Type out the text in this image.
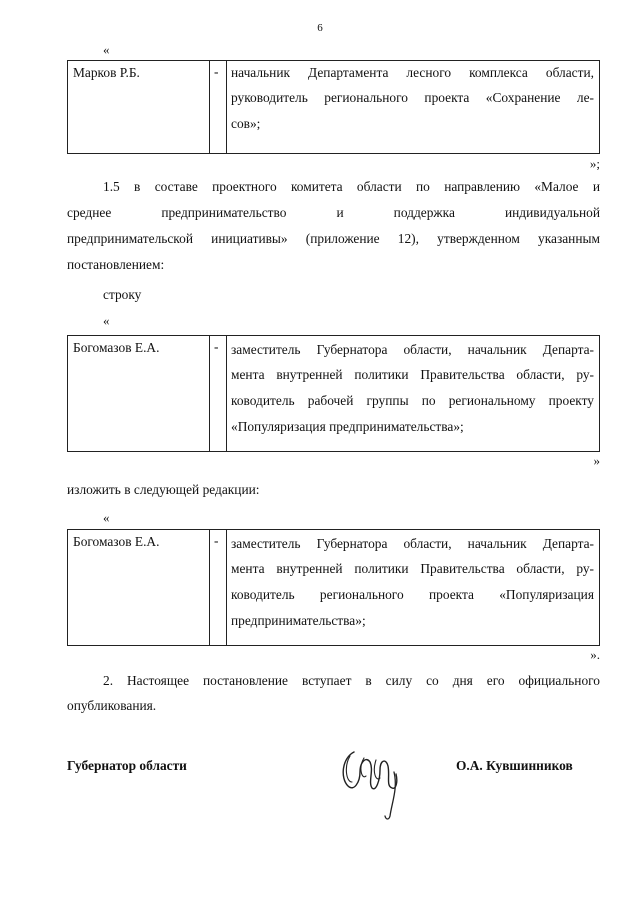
6
«
Марков Р.Б.	- начальник Департамента лесного комплекса области,
руководитель регионального проекта «Сохранение ле-
сов»;
»;
1.5 в составе проектного комитета области по направлению «Малое и
среднее предпринимательство и поддержка индивидуальной
предпринимательской инициативы» (приложение 12), утвержденном указанным
постановлением:
строку
«
Богомазов Е.А.	- заместитель Губернатора области, начальник Департа-
мента внутренней политики Правительства области, ру-
ководитель рабочей группы по региональному проекту
«Популяризация предпринимательства»;
»
изложить в следующей редакции:
«
Богомазов Е.А.	- заместитель Губернатора области, начальник Департа-
мента внутренней политики Правительства области, ру-
ководитель регионального проекта «Популяризация
предпринимательства»;
».
2. Настоящее постановление вступает в силу со дня его официального
опубликования.
Губернатор области	О.А. Кувшинников
